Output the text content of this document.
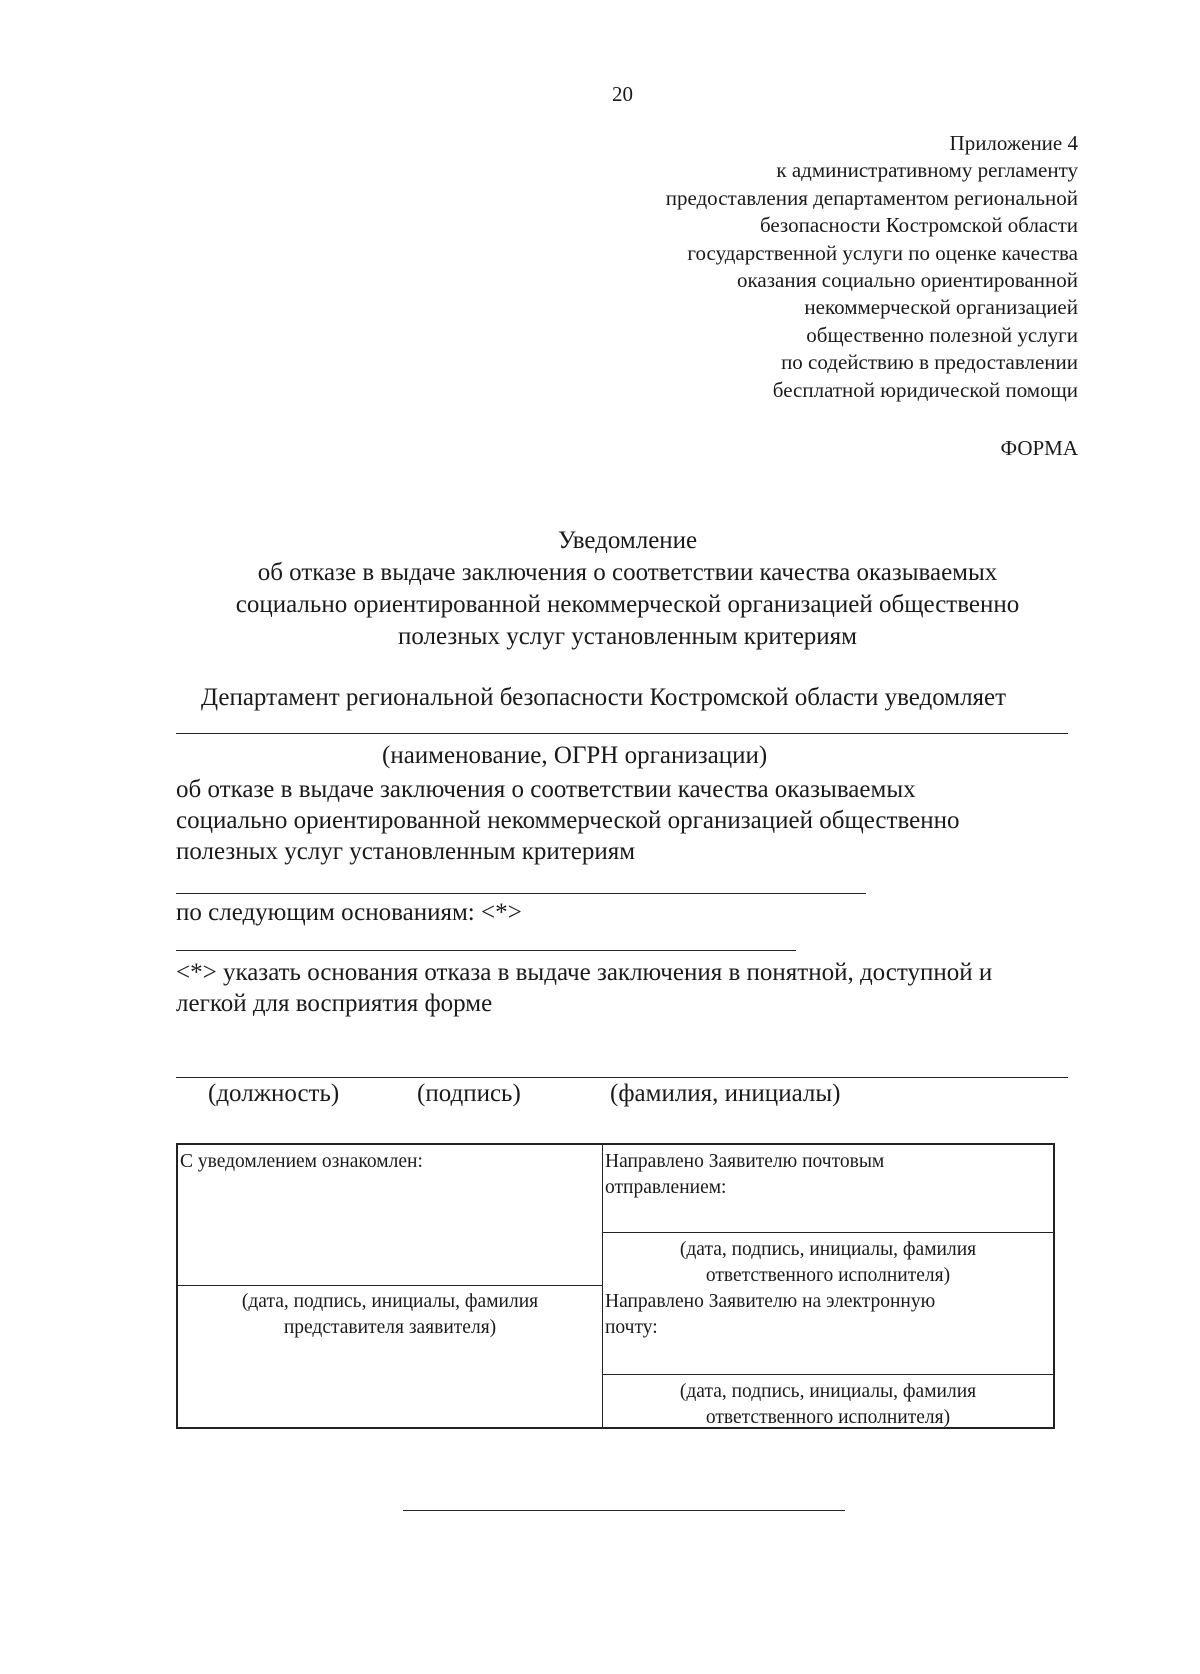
20
Приложение 4
к административному регламенту
предоставления департаментом региональной
безопасности Костромской области
государственной услуги по оценке качества
оказания социально ориентированной
некоммерческой организацией
общественно полезной услуги
по содействию в предоставлении
бесплатной юридической помощи
ФОРМА
Уведомление
об отказе в выдаче заключения о соответствии качества оказываемых
социально ориентированной некоммерческой организацией общественно
полезных услуг установленным критериям
Департамент региональной безопасности Костромской области уведомляет
(наименование, ОГРН организации)
об отказе в выдаче заключения о соответствии качества оказываемых
социально ориентированной некоммерческой организацией общественно
полезных услуг установленным критериям
по следующим основаниям: <*>
<*> указать основания отказа в выдаче заключения в понятной, доступной и
легкой для восприятия форме
(должность)	(подпись)	(фамилия, инициалы)
С уведомлением ознакомлен:
(дата, подпись, инициалы, фамилия
представителя заявителя)
Направлено Заявителю почтовым
отправлением:
(дата, подпись, инициалы, фамилия
ответственного исполнителя)
Направлено Заявителю на электронную
почту:
(дата, подпись, инициалы, фамилия
ответственного исполнителя)
